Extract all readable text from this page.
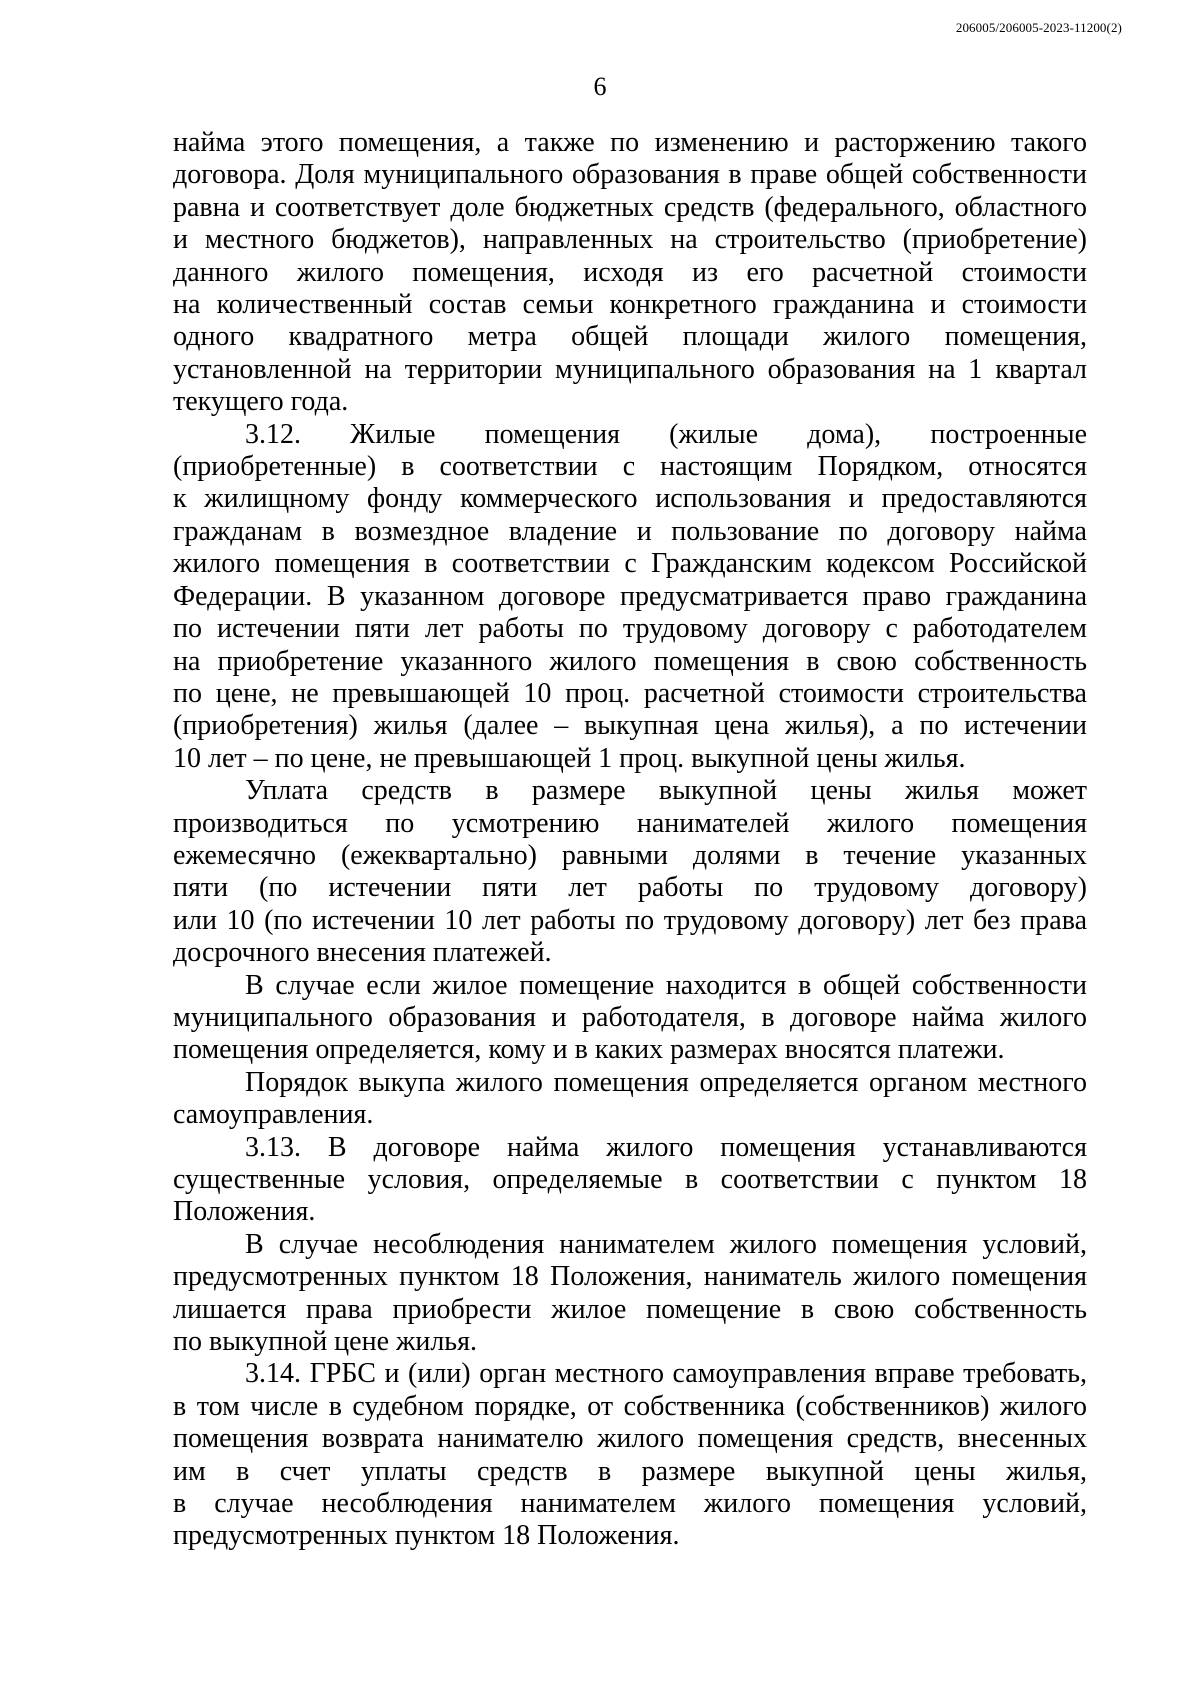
206005/206005-2023-11200(2)
6

найма этого помещения, а также по изменению и расторжению такого
договора. Доля муниципального образования в праве общей собственности
равна и соответствует доле бюджетных средств (федерального, областного
и местного бюджетов), направленных на строительство (приобретение)
данного жилого помещения, исходя из его расчетной стоимости
на количественный состав семьи конкретного гражданина и стоимости
одного квадратного метра общей площади жилого помещения,
установленной на территории муниципального образования на 1 квартал
текущего года.

3.12. Жилые помещения (жилые дома), построенные
(приобретенные) в соответствии с настоящим Порядком, относятся
к жилищному фонду коммерческого использования и предоставляются
гражданам в возмездное владение и пользование по договору найма
жилого помещения в соответствии с Гражданским кодексом Российской
Федерации. В указанном договоре предусматривается право гражданина
по истечении пяти лет работы по трудовому договору с работодателем
на приобретение указанного жилого помещения в свою собственность
по цене, не превышающей 10 проц. расчетной стоимости строительства
(приобретения) жилья (далее – выкупная цена жилья), а по истечении
10 лет – по цене, не превышающей 1 проц. выкупной цены жилья.

Уплата средств в размере выкупной цены жилья может
производиться по усмотрению нанимателей жилого помещения
ежемесячно (ежеквартально) равными долями в течение указанных
пяти (по истечении пяти лет работы по трудовому договору)
или 10 (по истечении 10 лет работы по трудовому договору) лет без права
досрочного внесения платежей.

В случае если жилое помещение находится в общей собственности
муниципального образования и работодателя, в договоре найма жилого
помещения определяется, кому и в каких размерах вносятся платежи.

Порядок выкупа жилого помещения определяется органом местного
самоуправления.

3.13. В договоре найма жилого помещения устанавливаются
существенные условия, определяемые в соответствии с пунктом 18
Положения.

В случае несоблюдения нанимателем жилого помещения условий,
предусмотренных пунктом 18 Положения, наниматель жилого помещения
лишается права приобрести жилое помещение в свою собственность
по выкупной цене жилья.

3.14. ГРБС и (или) орган местного самоуправления вправе требовать,
в том числе в судебном порядке, от собственника (собственников) жилого
помещения возврата нанимателю жилого помещения средств, внесенных
им в счет уплаты средств в размере выкупной цены жилья,
в случае несоблюдения нанимателем жилого помещения условий,
предусмотренных пунктом 18 Положения.
